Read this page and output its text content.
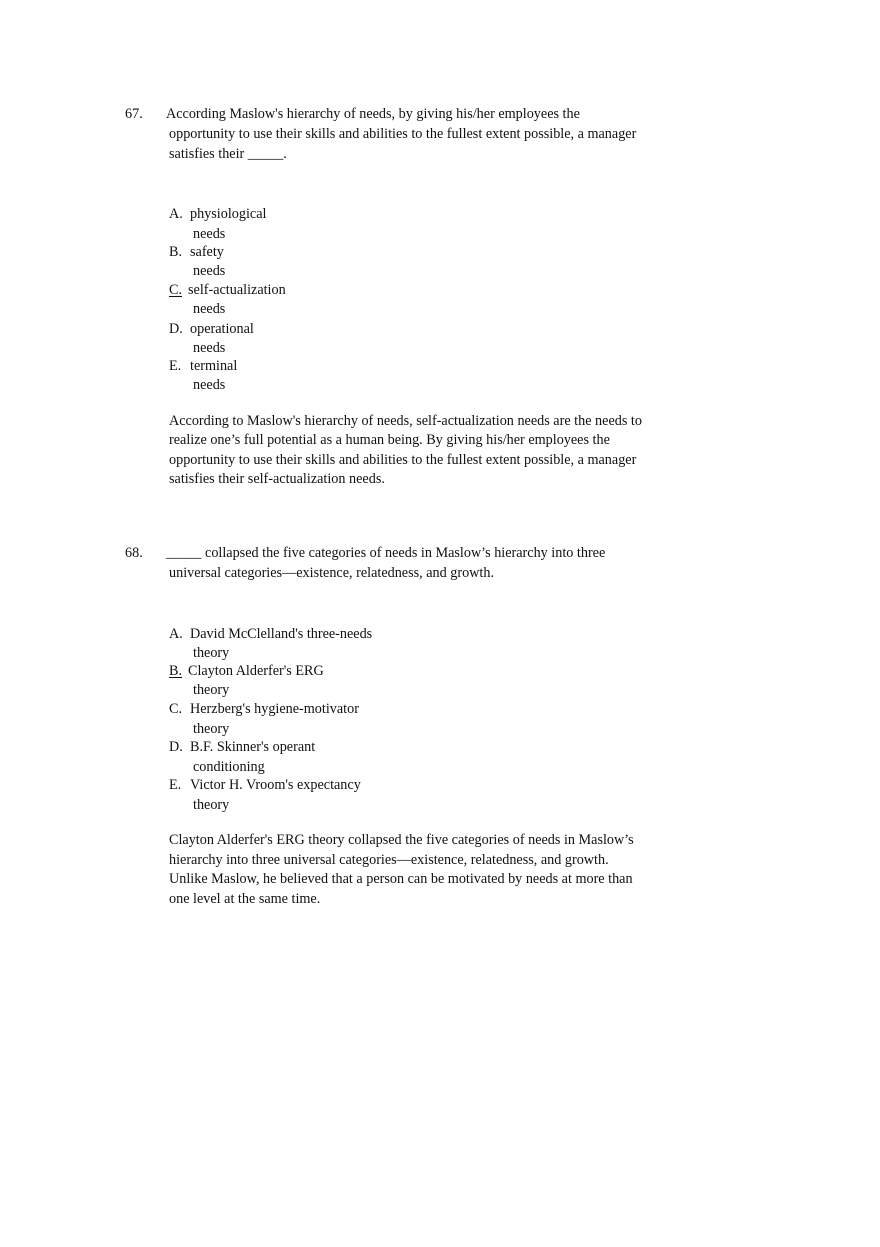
67. According Maslow's hierarchy of needs, by giving his/her employees the
opportunity to use their skills and abilities to the fullest extent possible, a manager
satisfies their _____.
A. physiological
needs
B. safety
needs
C. self-actualization
needs
D. operational
needs
E. terminal
needs
According to Maslow's hierarchy of needs, self-actualization needs are the needs to
realize one’s full potential as a human being. By giving his/her employees the
opportunity to use their skills and abilities to the fullest extent possible, a manager
satisfies their self-actualization needs.
68. _____ collapsed the five categories of needs in Maslow’s hierarchy into three
universal categories—existence, relatedness, and growth.
A. David McClelland's three-needs
theory
B. Clayton Alderfer's ERG
theory
C. Herzberg's hygiene-motivator
theory
D. B.F. Skinner's operant
conditioning
E. Victor H. Vroom's expectancy
theory
Clayton Alderfer's ERG theory collapsed the five categories of needs in Maslow’s
hierarchy into three universal categories—existence, relatedness, and growth.
Unlike Maslow, he believed that a person can be motivated by needs at more than
one level at the same time.
